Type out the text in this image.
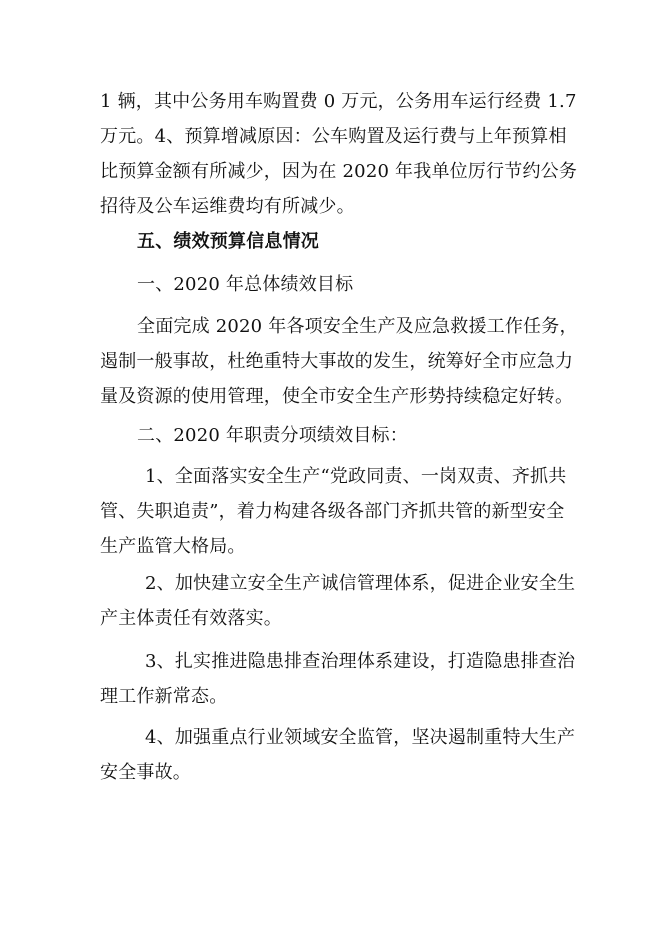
1 辆，其中公务用车购置费 0 万元，公务用车运行经费 1.7
万元。4、预算增减原因：公车购置及运行费与上年预算相
比预算金额有所减少，因为在 2020 年我单位厉行节约公务
招待及公车运维费均有所减少。
五、绩效预算信息情况
一、2020 年总体绩效目标
全面完成 2020 年各项安全生产及应急救援工作任务，
遏制一般事故，杜绝重特大事故的发生，统筹好全市应急力
量及资源的使用管理，使全市安全生产形势持续稳定好转。
二、2020 年职责分项绩效目标：
1、全面落实安全生产“党政同责、一岗双责、齐抓共
管、失职追责”，着力构建各级各部门齐抓共管的新型安全
生产监管大格局。
2、加快建立安全生产诚信管理体系，促进企业安全生
产主体责任有效落实。
3、扎实推进隐患排查治理体系建设，打造隐患排查治
理工作新常态。
4、加强重点行业领域安全监管，坚决遏制重特大生产
安全事故。
